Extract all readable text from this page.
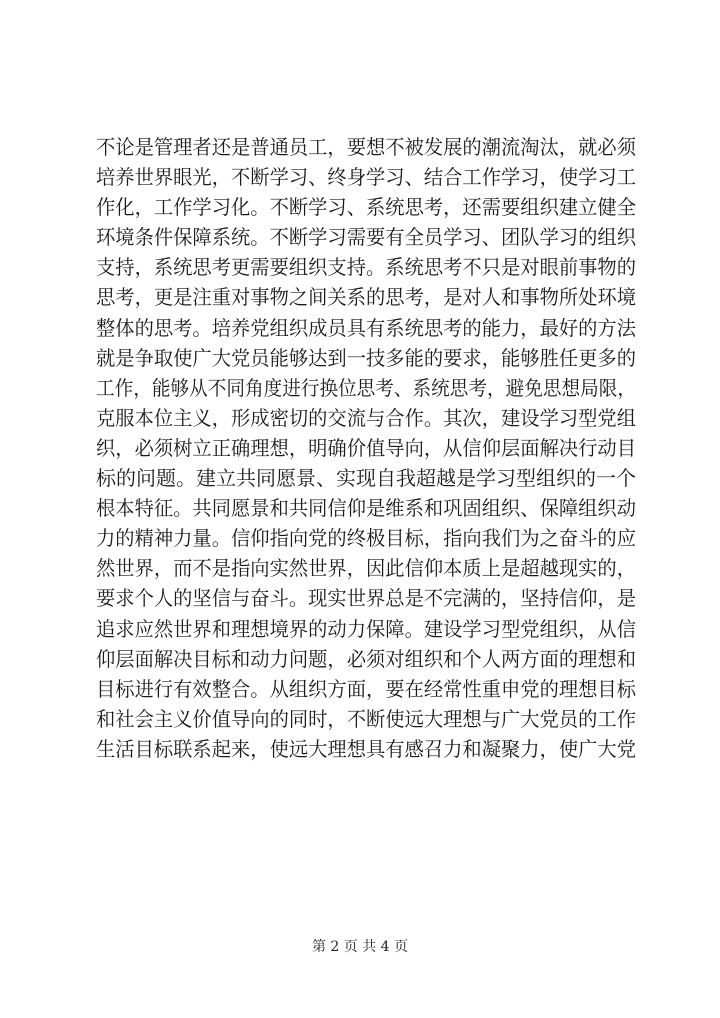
不论是管理者还是普通员工，要想不被发展的潮流淘汰，就必须
培养世界眼光，不断学习、终身学习、结合工作学习，使学习工
作化，工作学习化。不断学习、系统思考，还需要组织建立健全
环境条件保障系统。不断学习需要有全员学习、团队学习的组织
支持，系统思考更需要组织支持。系统思考不只是对眼前事物的
思考，更是注重对事物之间关系的思考，是对人和事物所处环境
整体的思考。培养党组织成员具有系统思考的能力，最好的方法
就是争取使广大党员能够达到一技多能的要求，能够胜任更多的
工作，能够从不同角度进行换位思考、系统思考，避免思想局限，
克服本位主义，形成密切的交流与合作。其次，建设学习型党组
织，必须树立正确理想，明确价值导向，从信仰层面解决行动目
标的问题。建立共同愿景、实现自我超越是学习型组织的一个
根本特征。共同愿景和共同信仰是维系和巩固组织、保障组织动
力的精神力量。信仰指向党的终极目标，指向我们为之奋斗的应
然世界，而不是指向实然世界，因此信仰本质上是超越现实的，
要求个人的坚信与奋斗。现实世界总是不完满的，坚持信仰，是
追求应然世界和理想境界的动力保障。建设学习型党组织，从信
仰层面解决目标和动力问题，必须对组织和个人两方面的理想和
目标进行有效整合。从组织方面，要在经常性重申党的理想目标
和社会主义价值导向的同时，不断使远大理想与广大党员的工作
生活目标联系起来，使远大理想具有感召力和凝聚力，使广大党
第 2 页 共 4 页
